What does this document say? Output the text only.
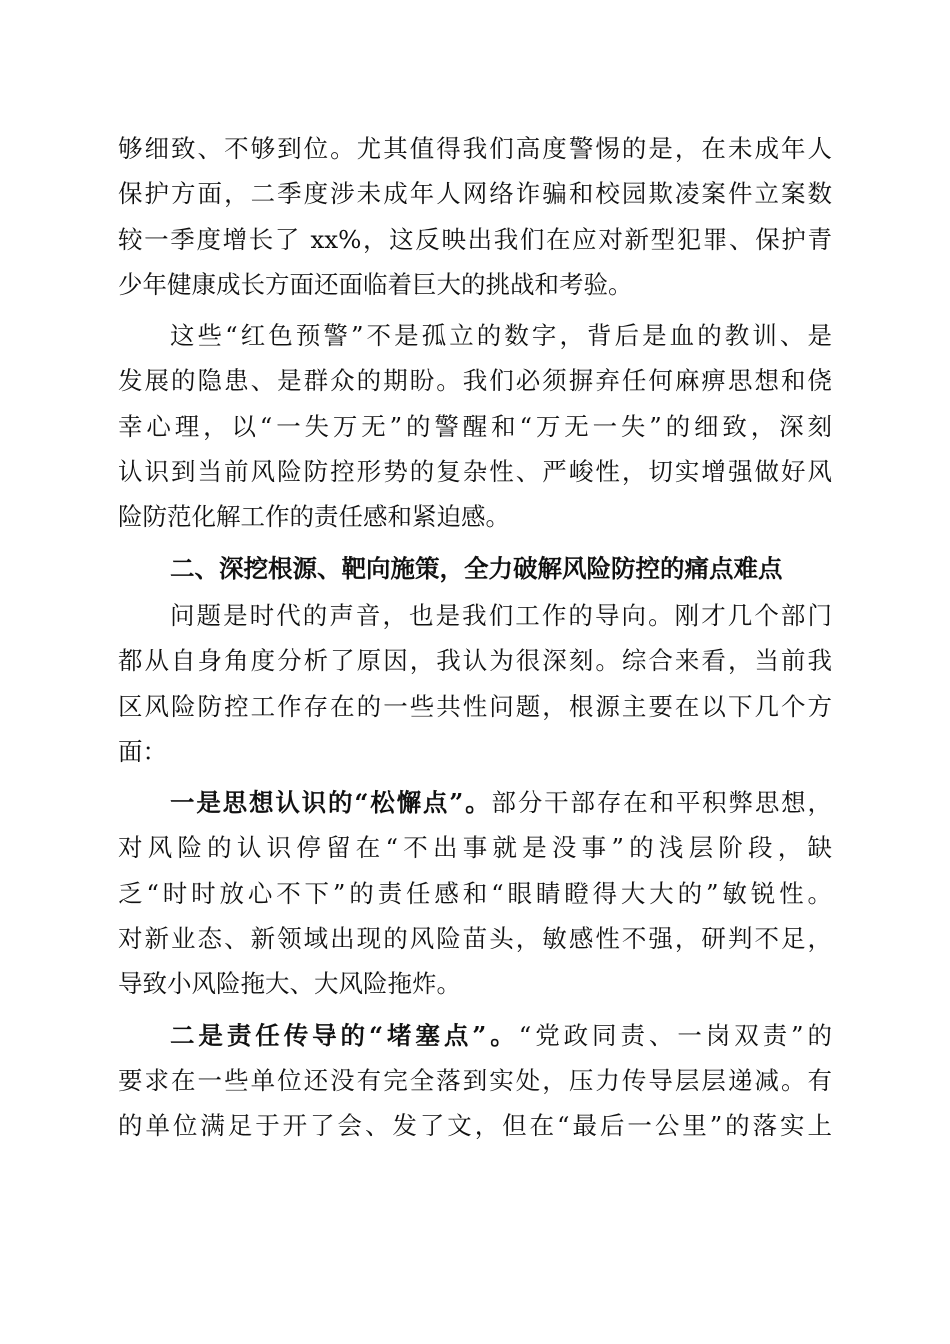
够细致、不够到位。尤其值得我们高度警惕的是，在未成年人
保护方面，二季度涉未成年人网络诈骗和校园欺凌案件立案数
较一季度增长了 xx%，这反映出我们在应对新型犯罪、保护青
少年健康成长方面还面临着巨大的挑战和考验。
这些“红色预警”不是孤立的数字，背后是血的教训、是
发展的隐患、是群众的期盼。我们必须摒弃任何麻痹思想和侥
幸心理，以“一失万无”的警醒和“万无一失”的细致，深刻
认识到当前风险防控形势的复杂性、严峻性，切实增强做好风
险防范化解工作的责任感和紧迫感。
二、深挖根源、靶向施策，全力破解风险防控的痛点难点
问题是时代的声音，也是我们工作的导向。刚才几个部门
都从自身角度分析了原因，我认为很深刻。综合来看，当前我
区风险防控工作存在的一些共性问题，根源主要在以下几个方
面：
一是思想认识的“松懈点”。部分干部存在和平积弊思想，
对风险的认识停留在“不出事就是没事”的浅层阶段，缺
乏“时时放心不下”的责任感和“眼睛瞪得大大的”敏锐性。
对新业态、新领域出现的风险苗头，敏感性不强，研判不足，
导致小风险拖大、大风险拖炸。
二是责任传导的“堵塞点”。“党政同责、一岗双责”的
要求在一些单位还没有完全落到实处，压力传导层层递减。有
的单位满足于开了会、发了文，但在“最后一公里”的落实上
